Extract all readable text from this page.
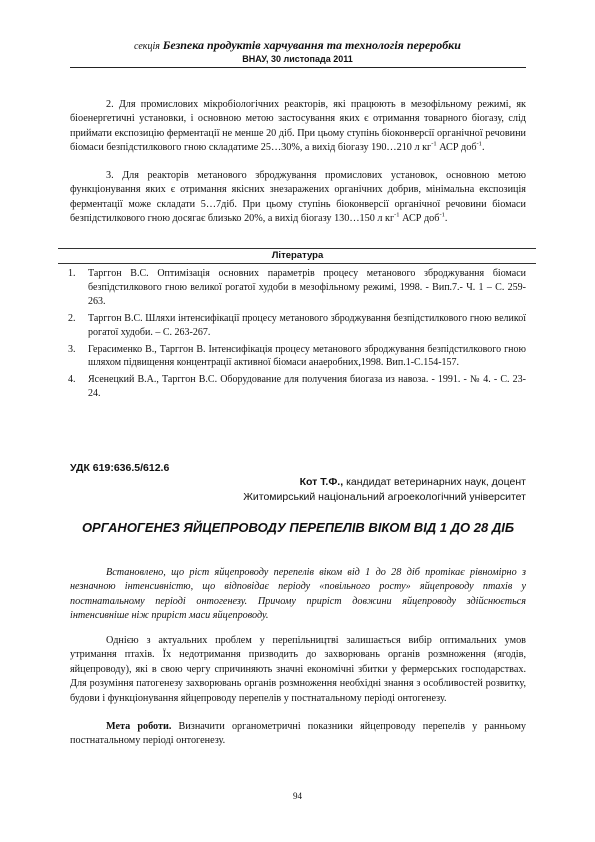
секція Безпека продуктів харчування та технологія переробки
ВНАУ, 30 листопада 2011

2. Для промислових мікробіологічних реакторів, які працюють в мезофільному режимі, як біоенергетичні установки, і основною метою застосування яких є отримання товарного біогазу, слід приймати експозицію ферментації не менше 20 діб. При цьому ступінь біоконверсії органічної речовини біомаси безпідстилкового гною складатиме 25…30%, а вихід біогазу 190…210 л $кг^{-1}$ АСР доб$^{-1}$.

3. Для реакторів метанового зброджування промислових установок, основною метою функціонування яких є отримання якісних знезаражених органічних добрив, мінімальна експозиція ферментації може складати 5…7діб. При цьому ступінь біоконверсії органічної речовини біомаси безпідстилкового гною досягає близько 20%, а вихід біогазу 130…150 л $кг^{-1}$ АСР доб$^{-1}$.

Література
1. Тарггон В.С. Оптимізація основних параметрів процесу метанового зброджування біомаси безпідстилкового гною великої рогатої худоби в мезофільному режимі, 1998. - Вип.7.- Ч. 1 – С. 259-263.
2. Тарггон В.С. Шляхи інтенсифікації процесу метанового зброджування безпідстилкового гною великої рогатої худоби. – С. 263-267.
3. Герасименко В., Тарггон В. Інтенсифікація процесу метанового зброджування безпідстилкового гною шляхом підвищення концентрації активної біомаси анаеробних,1998. Вип.1-С.154-157.
4. Ясенецкий В.А., Тарггон В.С. Оборудование для получения биогаза из навоза. - 1991. - № 4. - С. 23-24.
УДК 619:636.5/612.6
Кот Т.Ф., кандидат ветеринарних наук, доцент
Житомирський національний агроекологічний університет
ОРГАНОГЕНЕЗ ЯЙЦЕПРОВОДУ ПЕРЕПЕЛІВ ВІКОМ ВІД 1 ДО 28 ДІБ

Встановлено, що ріст яйцепроводу перепелів віком від 1 до 28 діб протікає рівномірно з незначною інтенсивністю, що відповідає періоду «повільного росту» яйцепроводу птахів у постнатальному періоді онтогенезу. Причому приріст довжини яйцепроводу здійснюється інтенсивніше ніж приріст маси яйцепроводу.

Однією з актуальних проблем у перепільництві залишається вибір оптимальних умов утримання птахів. Їх недотримання призводить до захворювань органів розмноження (ягодів, яйцепроводу), які в свою чергу спричиняють значні економічні збитки у фермерських господарствах. Для розуміння патогенезу захворювань органів розмноження необхідні знання з особливостей розвитку, будови і функціонування яйцепроводу перепелів у постнатальному періоді онтогенезу.

Мета роботи. Визначити органометричні показники яйцепроводу перепелів у ранньому постнатальному періоді онтогенезу.

94
